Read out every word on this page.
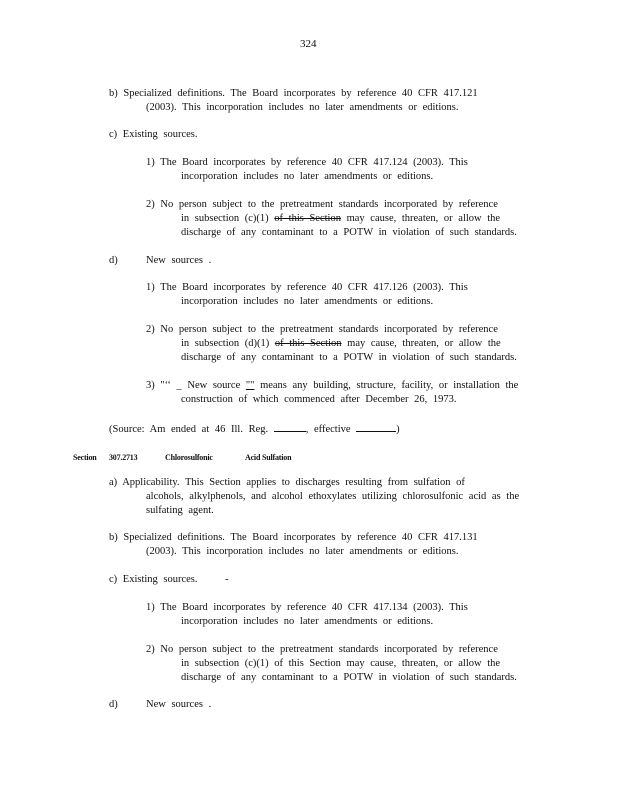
324
b) Specialized definitions. The Board incorporates by reference 40 CFR 417.121
(2003). This incorporation includes no later amendments or editions.
c) Existing sources.
1) The Board incorporates by reference 40 CFR 417.124 (2003). This
incorporation includes no later amendments or editions.
2) No person subject to the pretreatment standards incorporated by reference
in subsection (c)(1) of this Section may cause, threaten, or allow the
discharge of any contaminant to a POTW in violation of such standards.
d)	New sources .
1) The Board incorporates by reference 40 CFR 417.126 (2003). This
incorporation includes no later amendments or editions.
2) No person subject to the pretreatment standards incorporated by reference
in subsection (d)(1) of this Section may cause, threaten, or allow the
discharge of any contaminant to a POTW in violation of such standards.
3) "‘‘ _ New source "" means any building, structure, facility, or installation the
construction of which commenced after December 26, 1973.
(Source: Am ended at 46 Ill. Reg.	, effective	)
Section 307.2713	Chlorosulfonic	Acid Sulfation
a) Applicability. This Section applies to discharges resulting from sulfation of
alcohols, alkylphenols, and alcohol ethoxylates utilizing chlorosulfonic acid as the
sulfating agent.
b) Specialized definitions. The Board incorporates by reference 40 CFR 417.131
(2003). This incorporation includes no later amendments or editions.
c) Existing sources.	-
1) The Board incorporates by reference 40 CFR 417.134 (2003). This
incorporation includes no later amendments or editions.
2) No person subject to the pretreatment standards incorporated by reference
in subsection (c)(1) of this Section may cause, threaten, or allow the
discharge of any contaminant to a POTW in violation of such standards.
d)	New sources .
